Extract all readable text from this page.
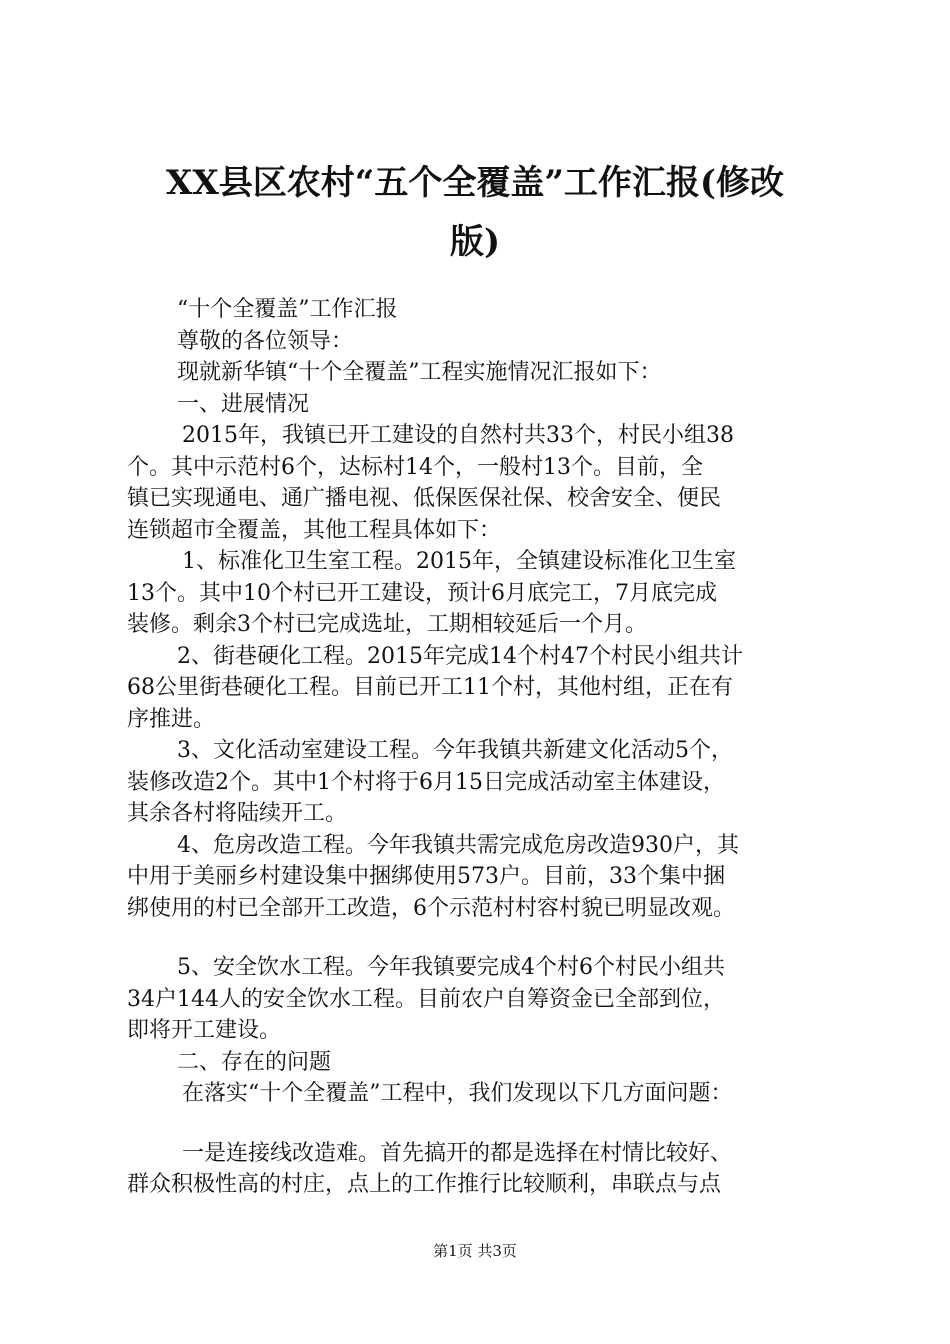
XX县区农村“五个全覆盖”工作汇报(修改
版)

“十个全覆盖”工作汇报

尊敬的各位领导：

现就新华镇“十个全覆盖”工程实施情况汇报如下：

一、进展情况

2015年，我镇已开工建设的自然村共33个，村民小组38

个。其中示范村6个，达标村14个，一般村13个。目前，全

镇已实现通电、通广播电视、低保医保社保、校舍安全、便民

连锁超市全覆盖，其他工程具体如下：

1、标准化卫生室工程。2015年，全镇建设标准化卫生室

13个。其中10个村已开工建设，预计6月底完工，7月底完成

装修。剩余3个村已完成选址，工期相较延后一个月。

2、街巷硬化工程。2015年完成14个村47个村民小组共计

68公里街巷硬化工程。目前已开工11个村，其他村组，正在有

序推进。

3、文化活动室建设工程。今年我镇共新建文化活动5个，

装修改造2个。其中1个村将于6月15日完成活动室主体建设，

其余各村将陆续开工。

4、危房改造工程。今年我镇共需完成危房改造930户，其

中用于美丽乡村建设集中捆绑使用573户。目前，33个集中捆

绑使用的村已全部开工改造，6个示范村村容村貌已明显改观。

5、安全饮水工程。今年我镇要完成4个村6个村民小组共

34户144人的安全饮水工程。目前农户自筹资金已全部到位，

即将开工建设。

二、存在的问题

在落实“十个全覆盖”工程中，我们发现以下几方面问题：

一是连接线改造难。首先搞开的都是选择在村情比较好、

群众积极性高的村庄，点上的工作推行比较顺利，串联点与点

第1页 共3页
